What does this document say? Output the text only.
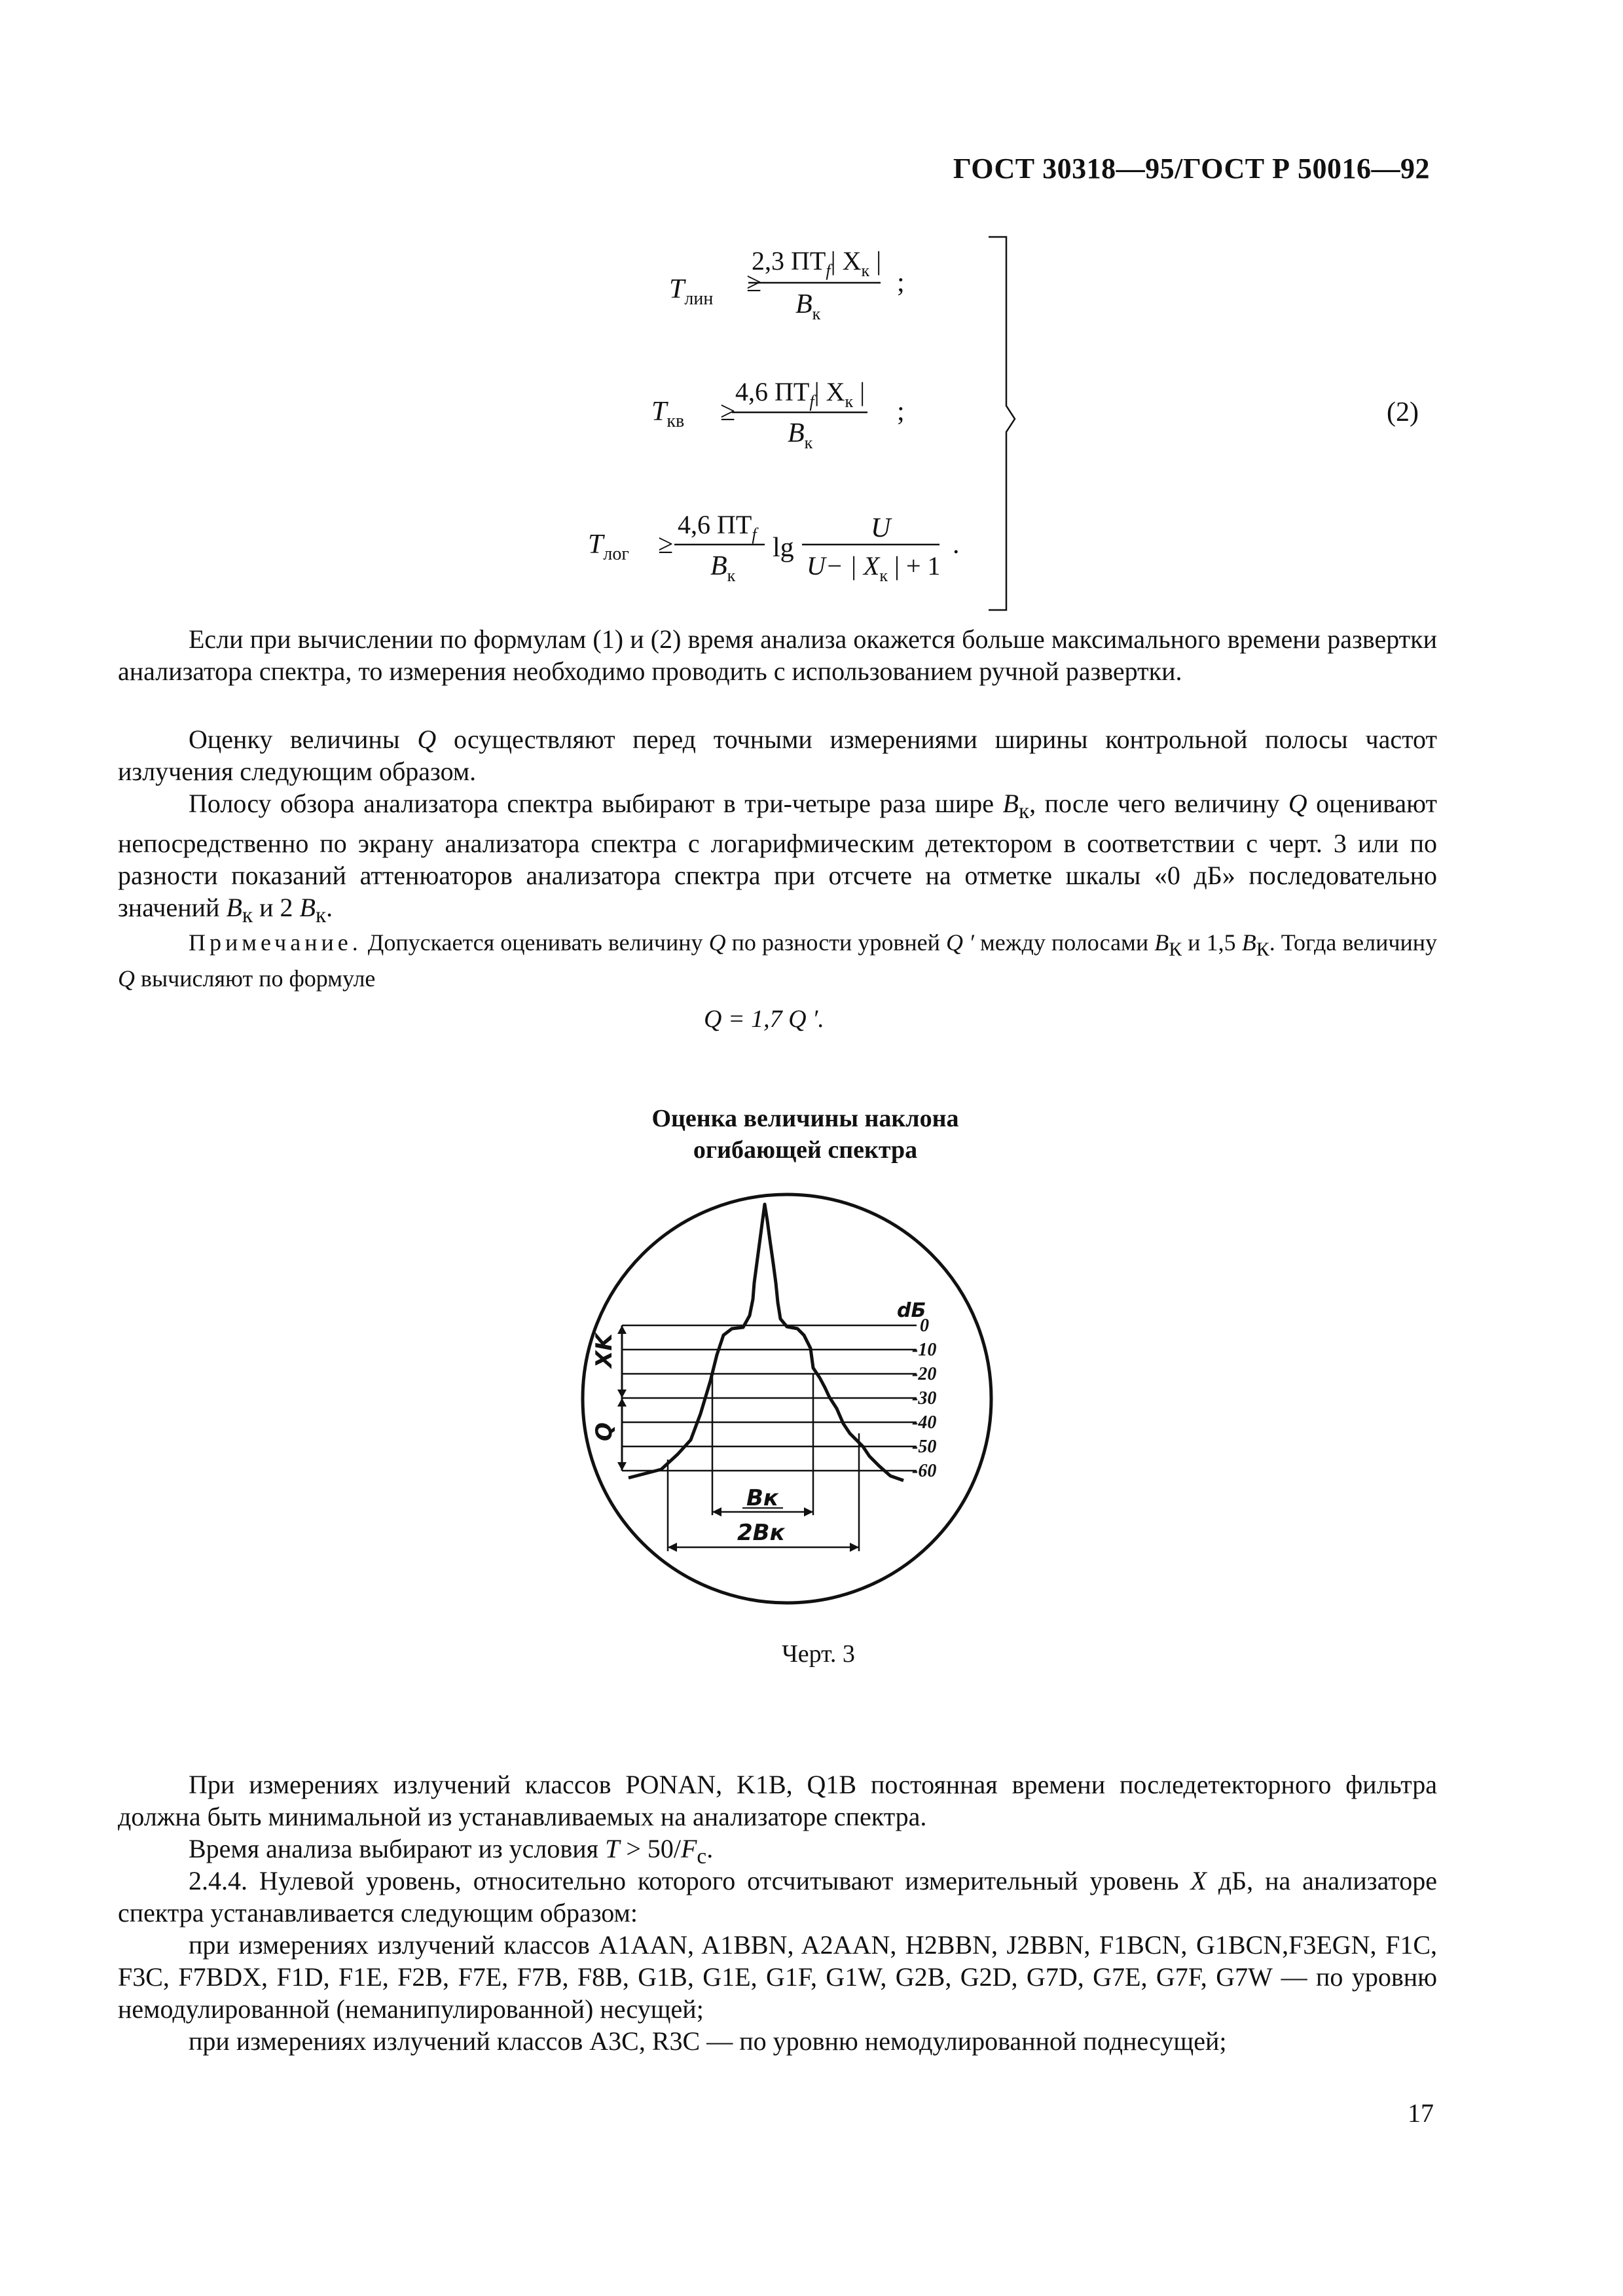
ГОСТ 30318—95/ГОСТ Р 50016—92
$T_{лин}$
≥
2,3 $ПT_f|$ $X_к$ |
$B_к$
;
$T_{кв}$ ≥
4,6 $ПT_f|$ $X_к$ |
$B_к$
;
$T_{лог}$ ≥
4,6 $ПT_f$
$B_к$
lg
U
U− | $X_к$ | + 1
.
(2)
Если при вычислении по формулам (1) и (2) время анализа окажется больше максимального времени развертки анализатора спектра, то измерения необходимо проводить с использованием ручной развертки.
Оценку величины Q осуществляют перед точными измерениями ширины контрольной полосы частот излучения следующим образом.
Полосу обзора анализатора спектра выбирают в три-четыре раза шире $B_к$, после чего величину Q оценивают непосредственно по экрану анализатора спектра с логарифмическим детектором в соответствии с черт. 3 или по разности показаний аттенюаторов анализатора спектра при отсчете на отметке шкалы «0 дБ» последовательно значений $B_к$ и 2 $B_к$.
Примечание. Допускается оценивать величину Q по разности уровней Q ′ между полосами $B_К$ и 1,5 $B_К$. Тогда величину Q вычисляют по формуле
Q = 1,7 Q ′.
Оценка величины наклона
огибающей спектра
XK
Q
dБ
0
-10
-20
-30
-40
-50
-60
Bк
2Bк
Черт. 3
При измерениях излучений классов PONAN, K1B, Q1B постоянная времени последетекторного фильтра должна быть минимальной из устанавливаемых на анализаторе спектра.
Время анализа выбирают из условия $T > 50/F_c$.
2.4.4. Нулевой уровень, относительно которого отсчитывают измерительный уровень X дБ, на анализаторе спектра устанавливается следующим образом:
при измерениях излучений классов A1AAN, A1BBN, A2AAN, H2BBN, J2BBN, F1BCN, G1BCN,F3EGN, F1C, F3C, F7BDX, F1D, F1E, F2B, F7E, F7B, F8B, G1B, G1E, G1F, G1W, G2B, G2D, G7D, G7E, G7F, G7W — по уровню немодулированной (неманипулированной) несущей;
при измерениях излучений классов A3C, R3C — по уровню немодулированной поднесущей;
17
